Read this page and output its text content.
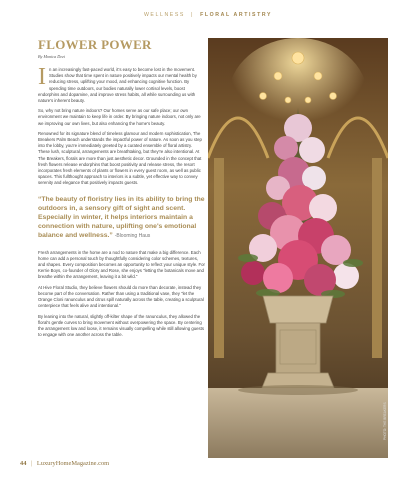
WELLNESS  |  FLORAL ARTISTRY
FLOWER POWER
By Monica Dezi

I n an increasingly fast-paced world, it's easy to become lost in the movement. Studies show that time spent in nature positively impacts our mental health by reducing stress, uplifting your mood, and enhancing cognitive function. By spending time outdoors, our bodies naturally lower cortisol levels, boost endorphins and dopamine, and improve stress habits, all while surrounding us with nature's inherent beauty.

So, why not bring nature indoors? Our homes serve as our safe place; our own environment we maintain to keep life in order. By bringing nature indoors, not only are we improving our own lives, but also enhancing the home's beauty.

Renowned for its signature blend of timeless glamour and modern sophistication, The Breakers Palm Beach understands the impactful power of nature. As soon as you step into the lobby, you're immediately greeted by a curated ensemble of floral artistry. These lush, sculptural, arrangements are breathtaking, but they're also intentional. At The Breakers, florals are more than just aesthetic decor. Grounded in the concept that fresh flowers release endorphins that boost positivity and release stress, the resort incorporates fresh elements of plants or flowers in every guest room, as well as public spaces. This fullthought approach to interiors is a subtle, yet effective way to convey serenity and elegance that positively impacts guests.

“The beauty of floristry lies in its ability to bring the outdoors in, a sensory gift of sight and scent. Especially in winter, it helps interiors maintain a connection with nature, uplifting one's emotional balance and wellness.” -Blooming Haus

Fresh arrangements in the home are a nod to nature that make a big difference. Each home can add a personal touch by thoughtfully considering color schemes, textures, and shapes. Every composition becomes an opportunity to reflect your unique style. For Kerrie Boys, co-founder of Glory and Rose, she enjoys "letting the botanicals move and breathe within the arrangement, leaving it a bit wild."

At Hive Floral Studio, they believe flowers should do more than decorate, instead they become part of the conversation. Rather than using a traditional vase, they "let the Orange Cloni ranunculus and citrus spill naturally across the table, creating a sculptural centerpiece that feels alive and intentional."

By leaning into the natural, slightly off-kilter shape of the ranunculus, they allowed the floral's gentle curves to bring movement without overpowering the space. By centering the arrangement low and loose, it remains visually compelling while still allowing guests to engage with one another across the table.

PHOTO: THE BREAKERS
44 | LuxuryHomeMagazine.com
